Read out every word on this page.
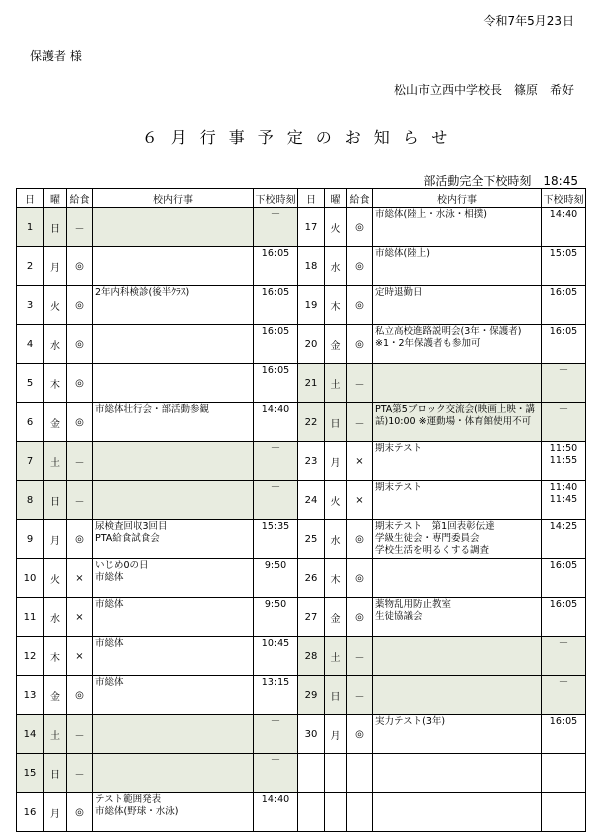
令和7年5月23日
保護者 様
松山市立西中学校長　篠原　希好
６月行事予定のお知らせ
部活動完全下校時刻　18:45
日	曜	給食	校内行事	下校時刻	日	曜	給食	校内行事	下校時刻
1	日	－		－	17	火	◎	市総体(陸上・水泳・相撲)	14:40
2	月	◎		16:05	18	水	◎	市総体(陸上)	15:05
3	火	◎	2年内科検診(後半ｸﾗｽ)	16:05	19	木	◎	定時退勤日	16:05
4	水	◎		16:05	20	金	◎	私立高校進路説明会(3年・保護者)
※1・2年保護者も参加可	16:05
5	木	◎		16:05	21	土	－		－
6	金	◎	市総体壮行会・部活動参観	14:40	22	日	－	PTA第5ブロック交流会(映画上映・講話)10:00 ※運動場・体育館使用不可	－
7	土	－		－	23	月	×	期末テスト	11:50
11:55
8	日	－		－	24	火	×	期末テスト	11:40
11:45
9	月	◎	尿検査回収3回目
PTA給食試食会	15:35	25	水	◎	期末テスト　第1回表彰伝達
学級生徒会・専門委員会
学校生活を明るくする調査	14:25
10	火	×	いじめ0の日
市総体	9:50	26	木	◎		16:05
11	水	×	市総体	9:50	27	金	◎	薬物乱用防止教室
生徒協議会	16:05
12	木	×	市総体	10:45	28	土	－		－
13	金	◎	市総体	13:15	29	日	－		－
14	土	－		－	30	月	◎	実力テスト(3年)	16:05
15	日	－		－					
16	月	◎	テスト範囲発表
市総体(野球・水泳)	14:40					
